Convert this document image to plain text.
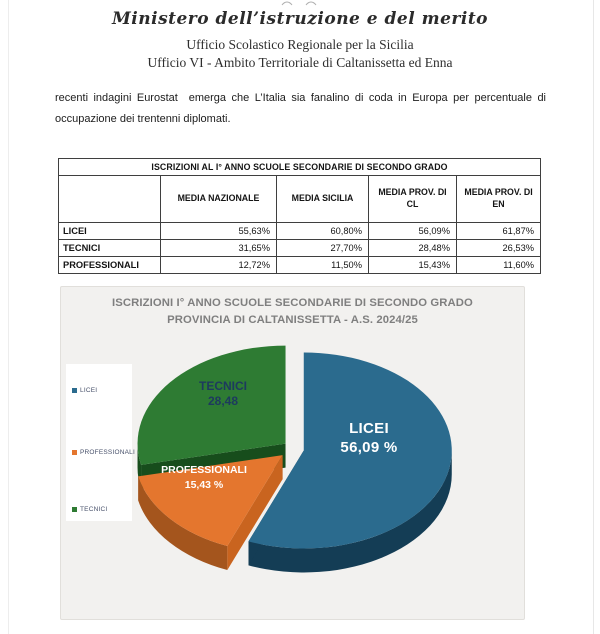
Ministero dell’istruzione e del merito
Ufficio Scolastico Regionale per la Sicilia
Ufficio VI - Ambito Territoriale di Caltanissetta ed Enna
recenti indagini Eurostat  emerga che L’Italia sia fanalino di coda in Europa per percentuale di occupazione dei trentenni diplomati.
ISCRIZIONI AL I° ANNO SCUOLE SECONDARIE DI SECONDO GRADO				
	MEDIA NAZIONALE	MEDIA SICILIA	MEDIA PROV. DI CL	MEDIA PROV. DI EN
LICEI	55,63%	60,80%	56,09%	61,87%
TECNICI	31,65%	27,70%	28,48%	26,53%
PROFESSIONALI	12,72%	11,50%	15,43%	11,60%
ISCRIZIONI I° ANNO SCUOLE SECONDARIE DI SECONDO GRADO
PROVINCIA DI CALTANISSETTA - A.S. 2024/25
LICEI
PROFESSIONALI
TECNICI
LICEI
56,09 %
PROFESSIONALI
15,43 %
TECNICI
28,48
